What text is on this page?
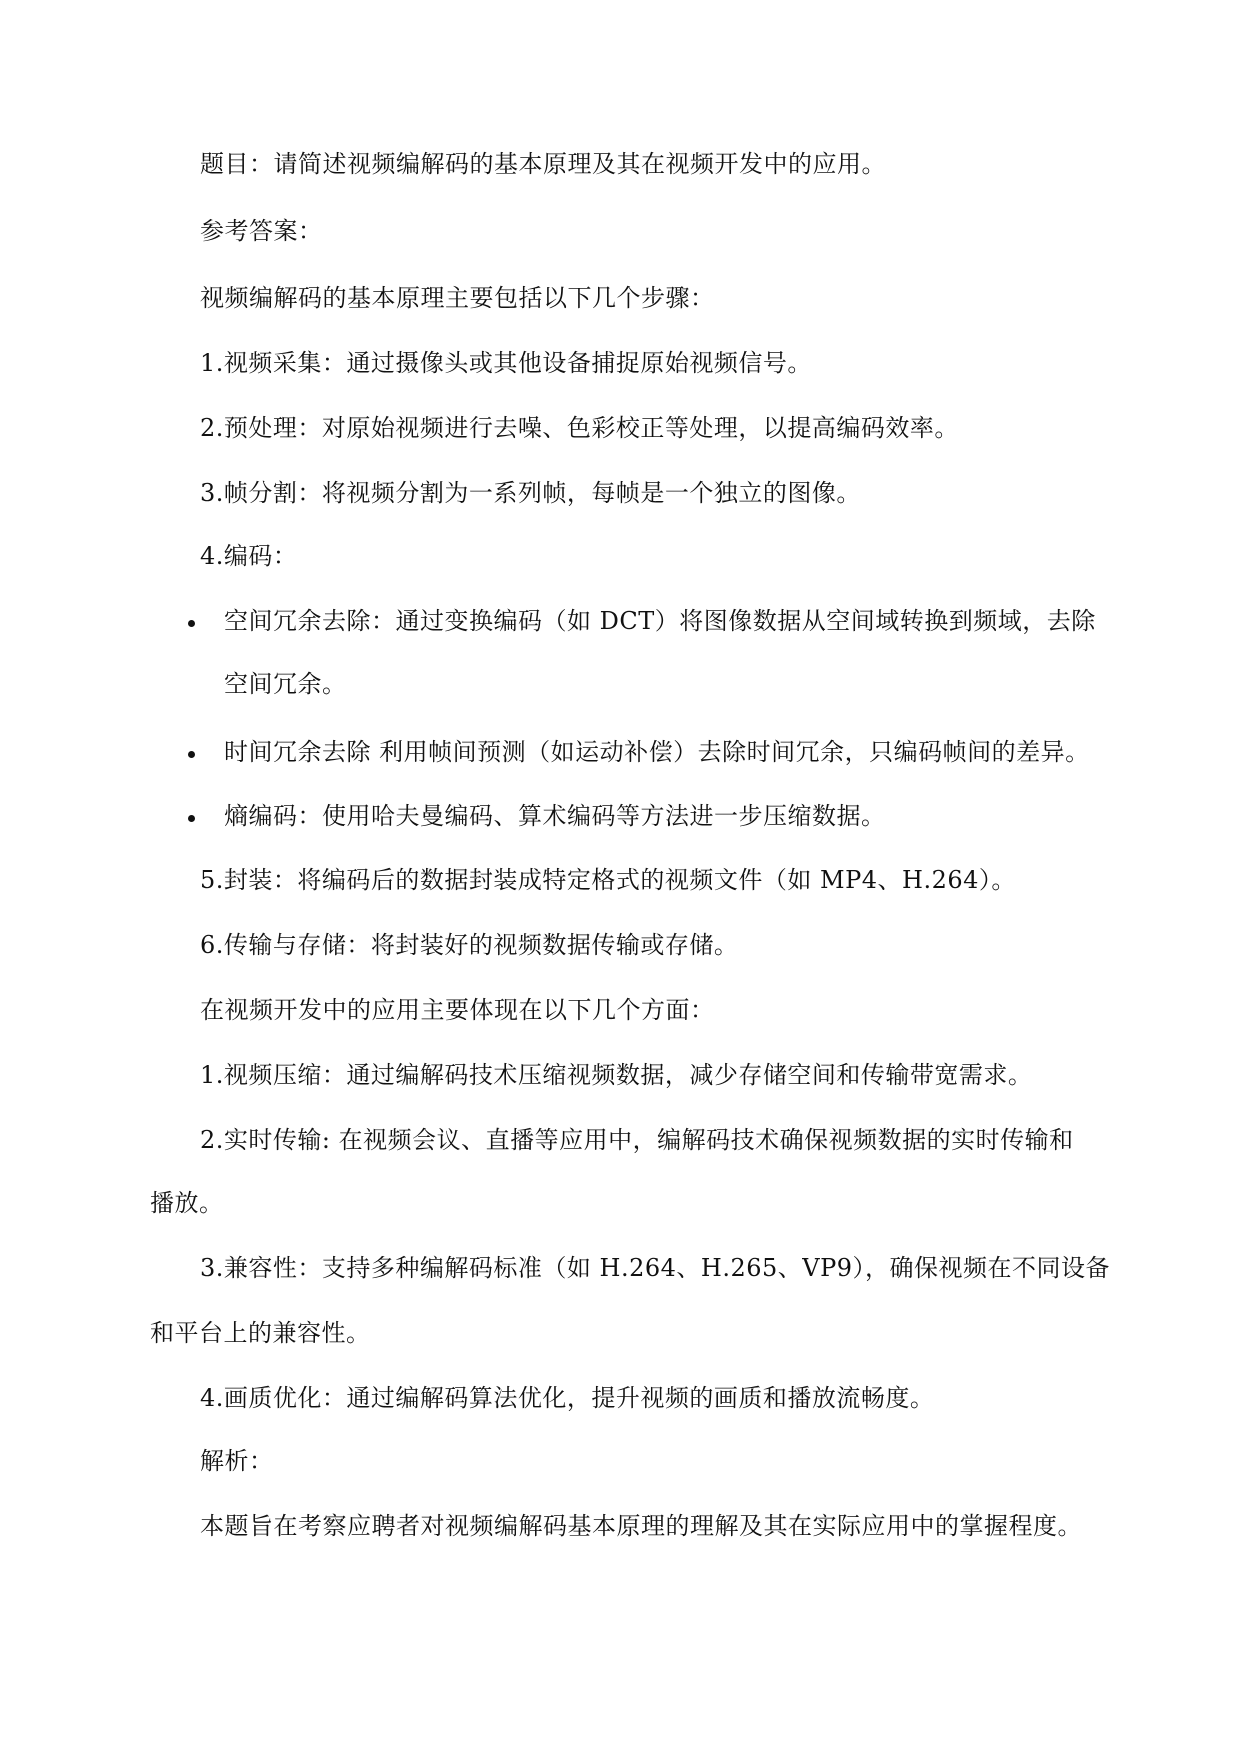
题目：请简述视频编解码的基本原理及其在视频开发中的应用。
参考答案：
视频编解码的基本原理主要包括以下几个步骤：
1.视频采集：通过摄像头或其他设备捕捉原始视频信号。
2.预处理：对原始视频进行去噪、色彩校正等处理，以提高编码效率。
3.帧分割：将视频分割为一系列帧，每帧是一个独立的图像。
4.编码：
空间冗余去除：通过变换编码（如 DCT）将图像数据从空间域转换到频域，去除
空间冗余。
时间冗余去除 利用帧间预测（如运动补偿）去除时间冗余，只编码帧间的差异。
熵编码：使用哈夫曼编码、算术编码等方法进一步压缩数据。
5.封装：将编码后的数据封装成特定格式的视频文件（如 MP4、H.264）。
6.传输与存储：将封装好的视频数据传输或存储。
在视频开发中的应用主要体现在以下几个方面：
1.视频压缩：通过编解码技术压缩视频数据，减少存储空间和传输带宽需求。
2.实时传输: 在视频会议、直播等应用中，编解码技术确保视频数据的实时传输和
播放。
3.兼容性：支持多种编解码标准（如 H.264、H.265、VP9），确保视频在不同设备
和平台上的兼容性。
4.画质优化：通过编解码算法优化，提升视频的画质和播放流畅度。
解析：
本题旨在考察应聘者对视频编解码基本原理的理解及其在实际应用中的掌握程度。
